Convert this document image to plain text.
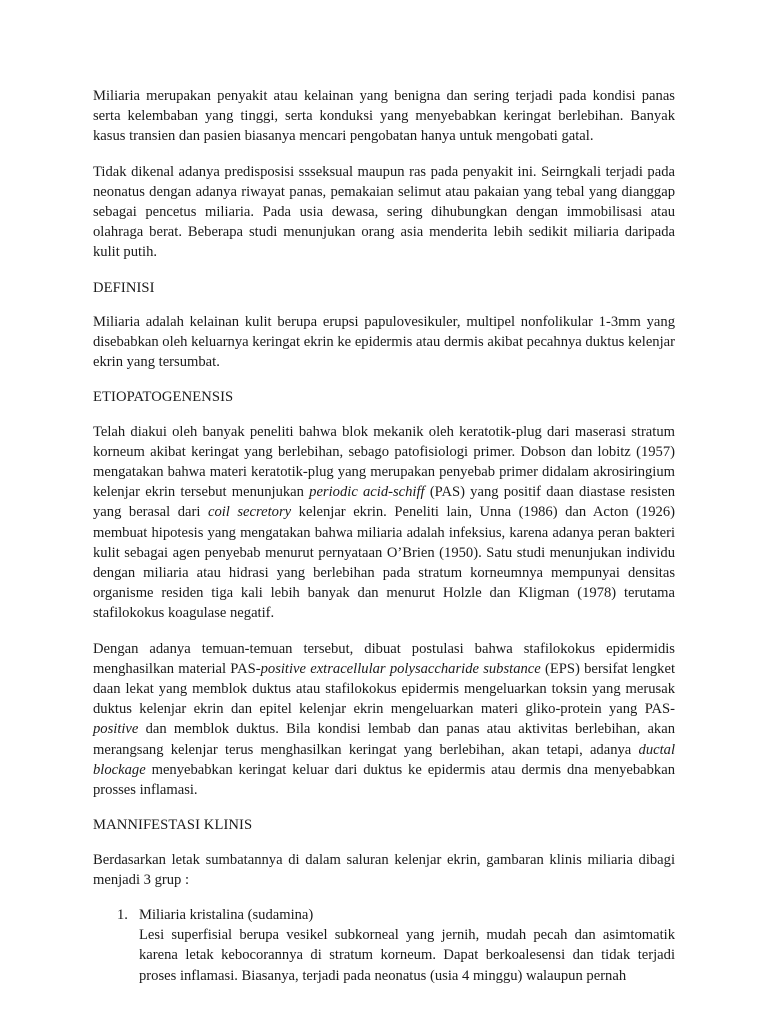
Miliaria merupakan penyakit atau kelainan yang benigna dan sering terjadi pada kondisi panas serta kelembaban yang tinggi, serta konduksi yang menyebabkan keringat berlebihan. Banyak kasus transien dan pasien biasanya mencari pengobatan hanya untuk mengobati gatal.

Tidak dikenal adanya predisposisi ssseksual maupun ras pada penyakit ini. Seirngkali terjadi pada neonatus dengan adanya riwayat panas, pemakaian selimut atau pakaian yang tebal yang dianggap sebagai pencetus miliaria. Pada usia dewasa, sering dihubungkan dengan immobilisasi atau olahraga berat. Beberapa studi menunjukan orang asia menderita lebih sedikit miliaria daripada kulit putih.

DEFINISI

Miliaria adalah kelainan kulit berupa erupsi papulovesikuler, multipel nonfolikular 1-3mm yang disebabkan oleh keluarnya keringat ekrin ke epidermis atau dermis akibat pecahnya duktus kelenjar ekrin yang tersumbat.

ETIOPATOGENENSIS

Telah diakui oleh banyak peneliti bahwa blok mekanik oleh keratotik-plug dari maserasi stratum korneum akibat keringat yang berlebihan, sebago patofisiologi primer. Dobson dan lobitz (1957) mengatakan bahwa materi keratotik-plug yang merupakan penyebab primer didalam akrosiringium kelenjar ekrin tersebut menunjukan periodic acid-schiff (PAS) yang positif daan diastase resisten yang berasal dari coil secretory kelenjar ekrin. Peneliti lain, Unna (1986) dan Acton (1926) membuat hipotesis yang mengatakan bahwa miliaria adalah infeksius, karena adanya peran bakteri kulit sebagai agen penyebab menurut pernyataan O’Brien (1950). Satu studi menunjukan individu dengan miliaria atau hidrasi yang berlebihan pada stratum korneumnya mempunyai densitas organisme residen tiga kali lebih banyak dan menurut Holzle dan Kligman (1978) terutama stafilokokus koagulase negatif.

Dengan adanya temuan-temuan tersebut, dibuat postulasi bahwa stafilokokus epidermidis menghasilkan material PAS-positive extracellular polysaccharide substance (EPS) bersifat lengket daan lekat yang memblok duktus atau stafilokokus epidermis mengeluarkan toksin yang merusak duktus kelenjar ekrin dan epitel kelenjar ekrin mengeluarkan materi gliko-protein yang PAS-positive dan memblok duktus. Bila kondisi lembab dan panas atau aktivitas berlebihan, akan merangsang kelenjar terus menghasilkan keringat yang berlebihan, akan tetapi, adanya ductal blockage menyebabkan keringat keluar dari duktus ke epidermis atau dermis dna menyebabkan prosses inflamasi.

MANNIFESTASI KLINIS

Berdasarkan letak sumbatannya di dalam saluran kelenjar ekrin, gambaran klinis miliaria dibagi menjadi 3 grup :

1. Miliaria kristalina (sudamina)
Lesi superfisial berupa vesikel subkorneal yang jernih, mudah pecah dan asimtomatik karena letak kebocorannya di stratum korneum. Dapat berkoalesensi dan tidak terjadi proses inflamasi. Biasanya, terjadi pada neonatus (usia 4 minggu) walaupun pernah
